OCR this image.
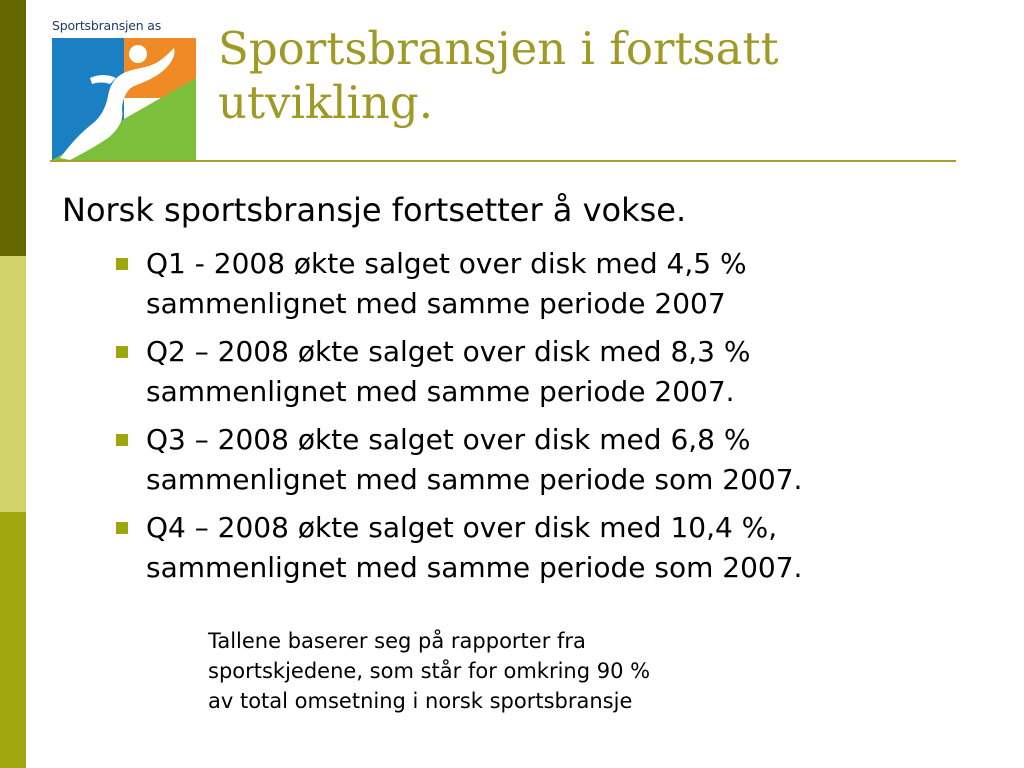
Sportsbransjen as Sportsbransjen i fortsatt
utvikling.

Norsk sportsbransje fortsetter å vokse.

Q1 - 2008 økte salget over disk med 4,5 %
sammenlignet med samme periode 2007
Q2 – 2008 økte salget over disk med 8,3 %
sammenlignet med samme periode 2007.
Q3 – 2008 økte salget over disk med 6,8 %
sammenlignet med samme periode som 2007.
Q4 – 2008 økte salget over disk med 10,4 %,
sammenlignet med samme periode som 2007.
Tallene baserer seg på rapporter fra
sportskjedene, som står for omkring 90 %
av total omsetning i norsk sportsbransje
